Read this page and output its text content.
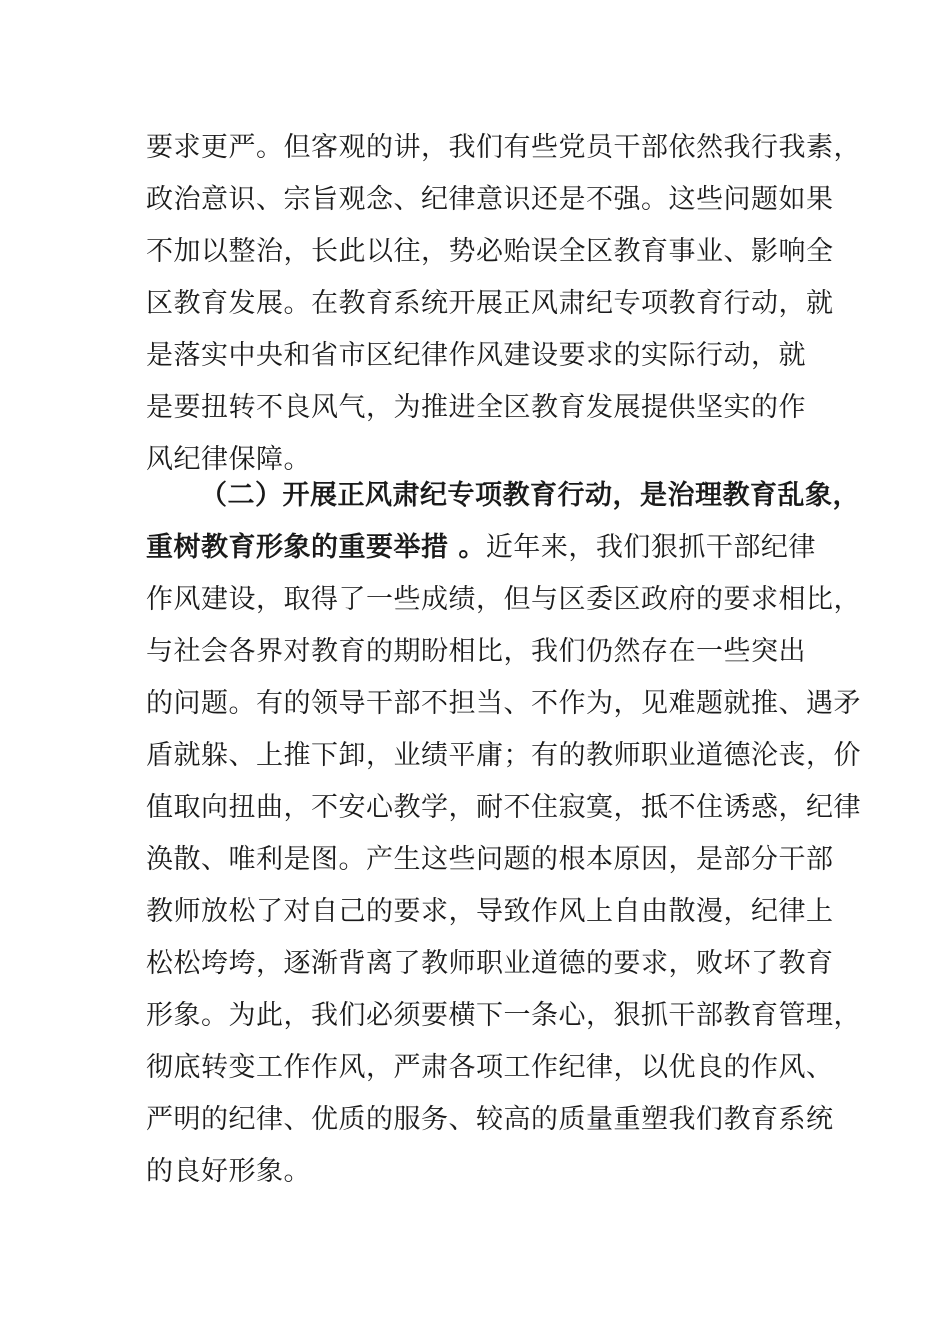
要求更严。但客观的讲，我们有些党员干部依然我行我素，
政治意识、宗旨观念、纪律意识还是不强。这些问题如果
不加以整治，长此以往，势必贻误全区教育事业、影响全
区教育发展。在教育系统开展正风肃纪专项教育行动，就
是落实中央和省市区纪律作风建设要求的实际行动，就
是要扭转不良风气，为推进全区教育发展提供坚实的作
风纪律保障。
（二）开展正风肃纪专项教育行动，是治理教育乱象，
重树教育形象的重要举措 。近年来，我们狠抓干部纪律
作风建设，取得了一些成绩，但与区委区政府的要求相比，
与社会各界对教育的期盼相比，我们仍然存在一些突出
的问题。有的领导干部不担当、不作为，见难题就推、遇矛
盾就躲、上推下卸，业绩平庸；有的教师职业道德沦丧，价
值取向扭曲，不安心教学，耐不住寂寞，抵不住诱惑，纪律
涣散、唯利是图。产生这些问题的根本原因，是部分干部
教师放松了对自己的要求，导致作风上自由散漫，纪律上
松松垮垮，逐渐背离了教师职业道德的要求，败坏了教育
形象。为此，我们必须要横下一条心，狠抓干部教育管理，
彻底转变工作作风，严肃各项工作纪律，以优良的作风、
严明的纪律、优质的服务、较高的质量重塑我们教育系统
的良好形象。
